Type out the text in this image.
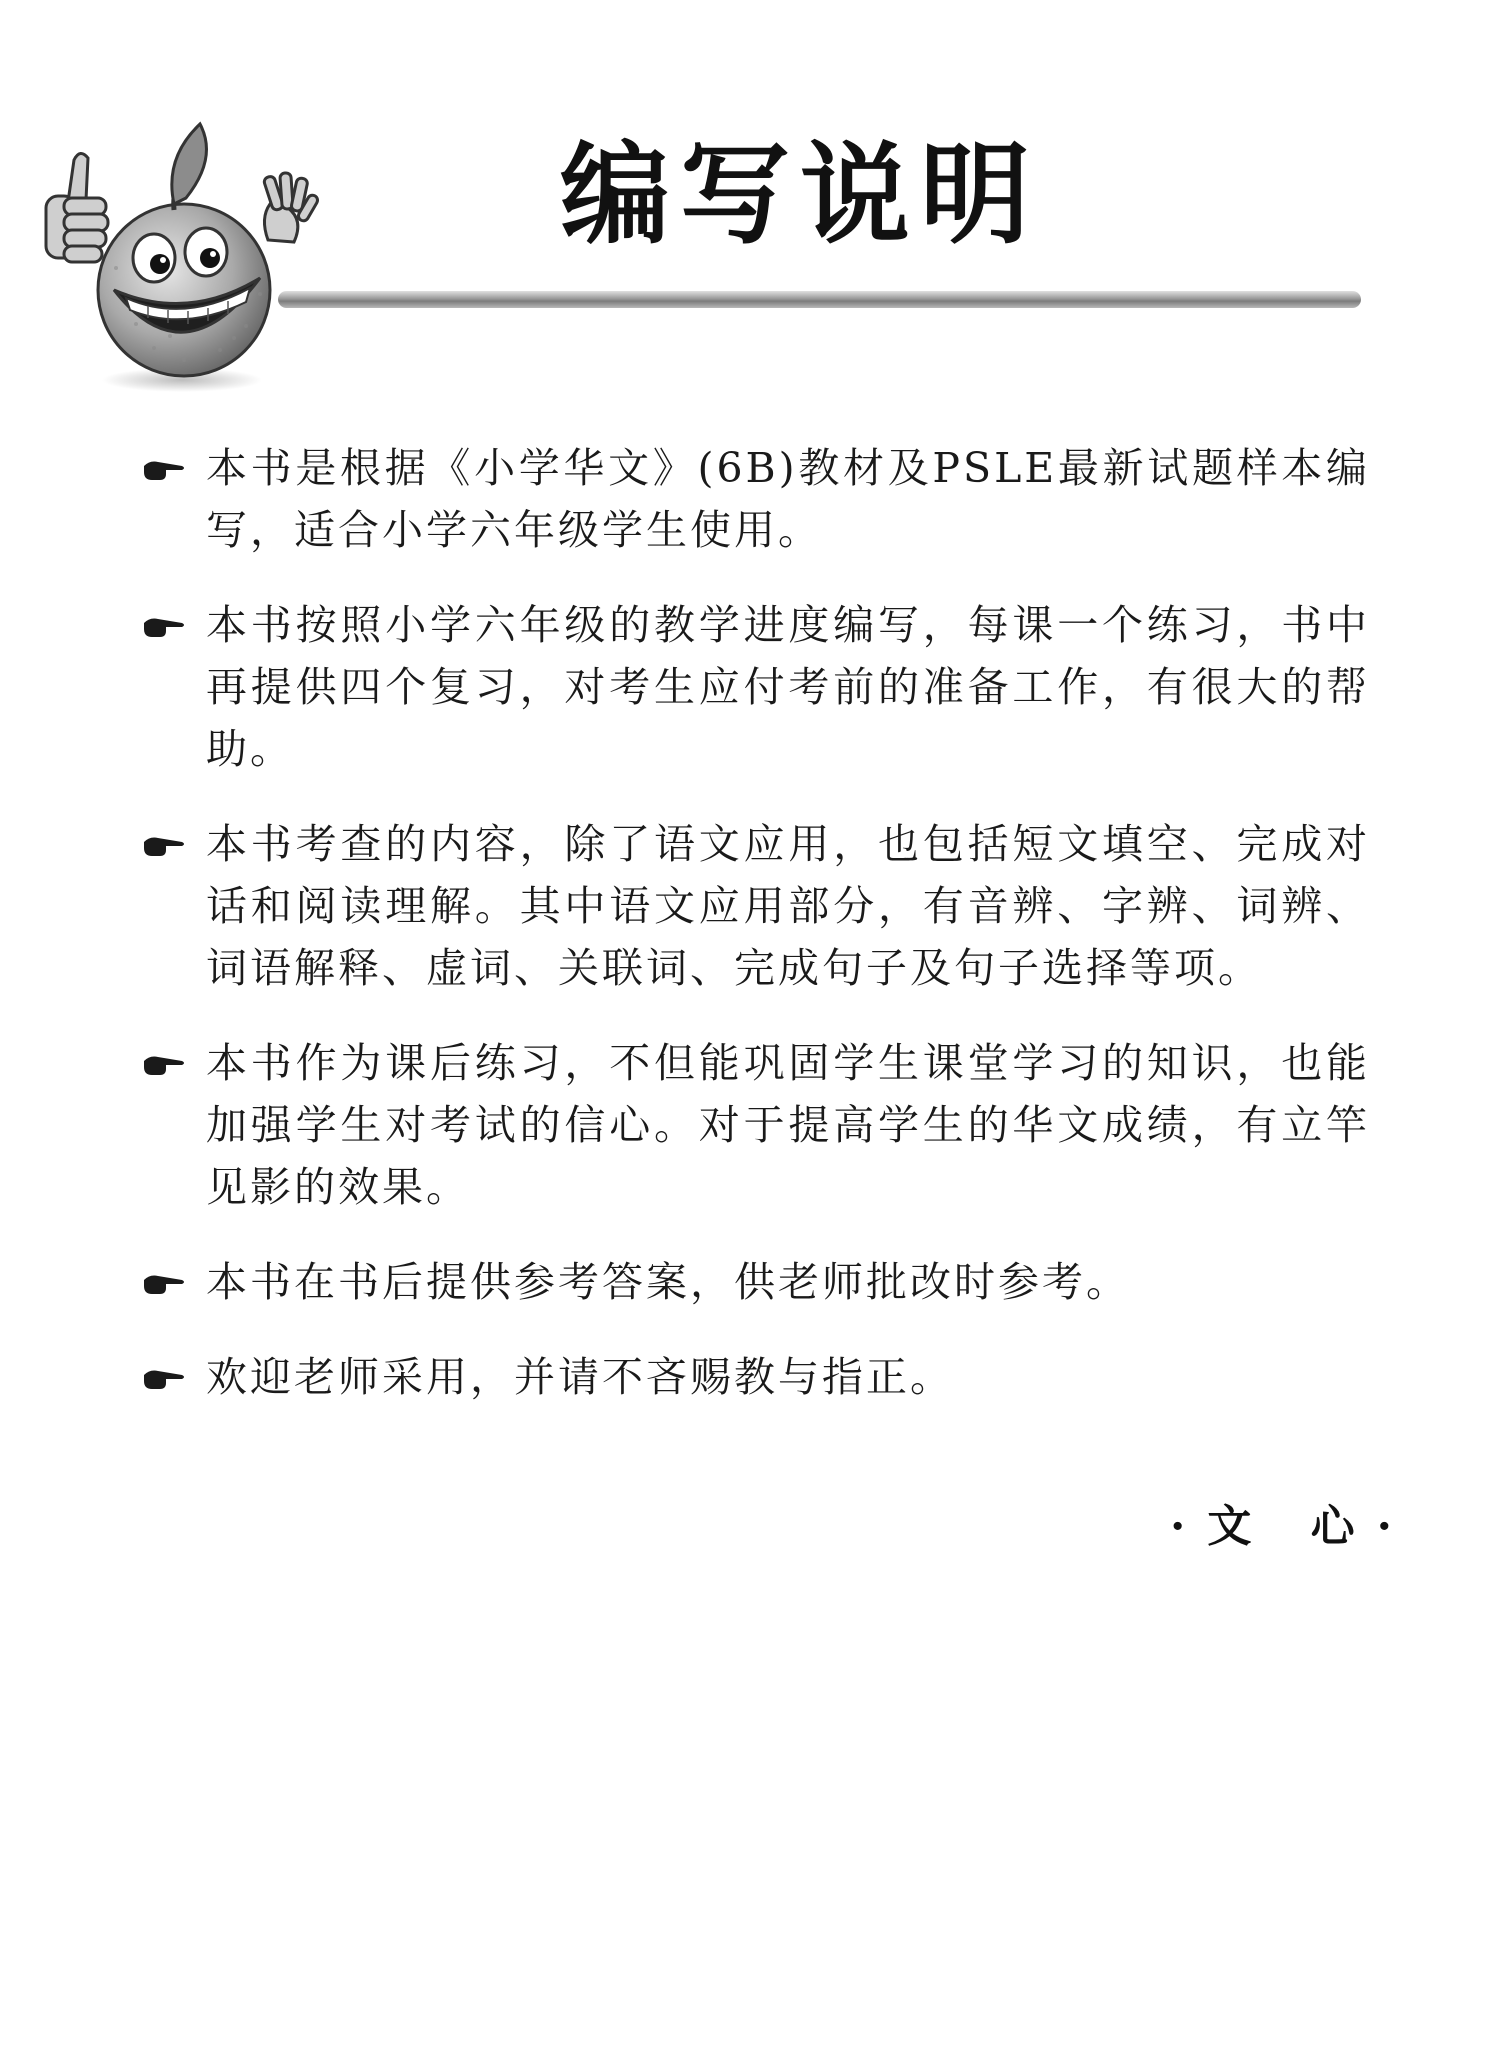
编写说明
本书是根据《小学华文》(6B)教材及PSLE最新试题样本编写，适合小学六年级学生使用。
本书按照小学六年级的教学进度编写，每课一个练习，书中再提供四个复习，对考生应付考前的准备工作，有很大的帮助。
本书考查的内容，除了语文应用，也包括短文填空、完成对话和阅读理解。其中语文应用部分，有音辨、字辨、词辨、词语解释、虚词、关联词、完成句子及句子选择等项。
本书作为课后练习，不但能巩固学生课堂学习的知识，也能加强学生对考试的信心。对于提高学生的华文成绩，有立竿见影的效果。
本书在书后提供参考答案，供老师批改时参考。
欢迎老师采用，并请不吝赐教与指正。
·文 心·
